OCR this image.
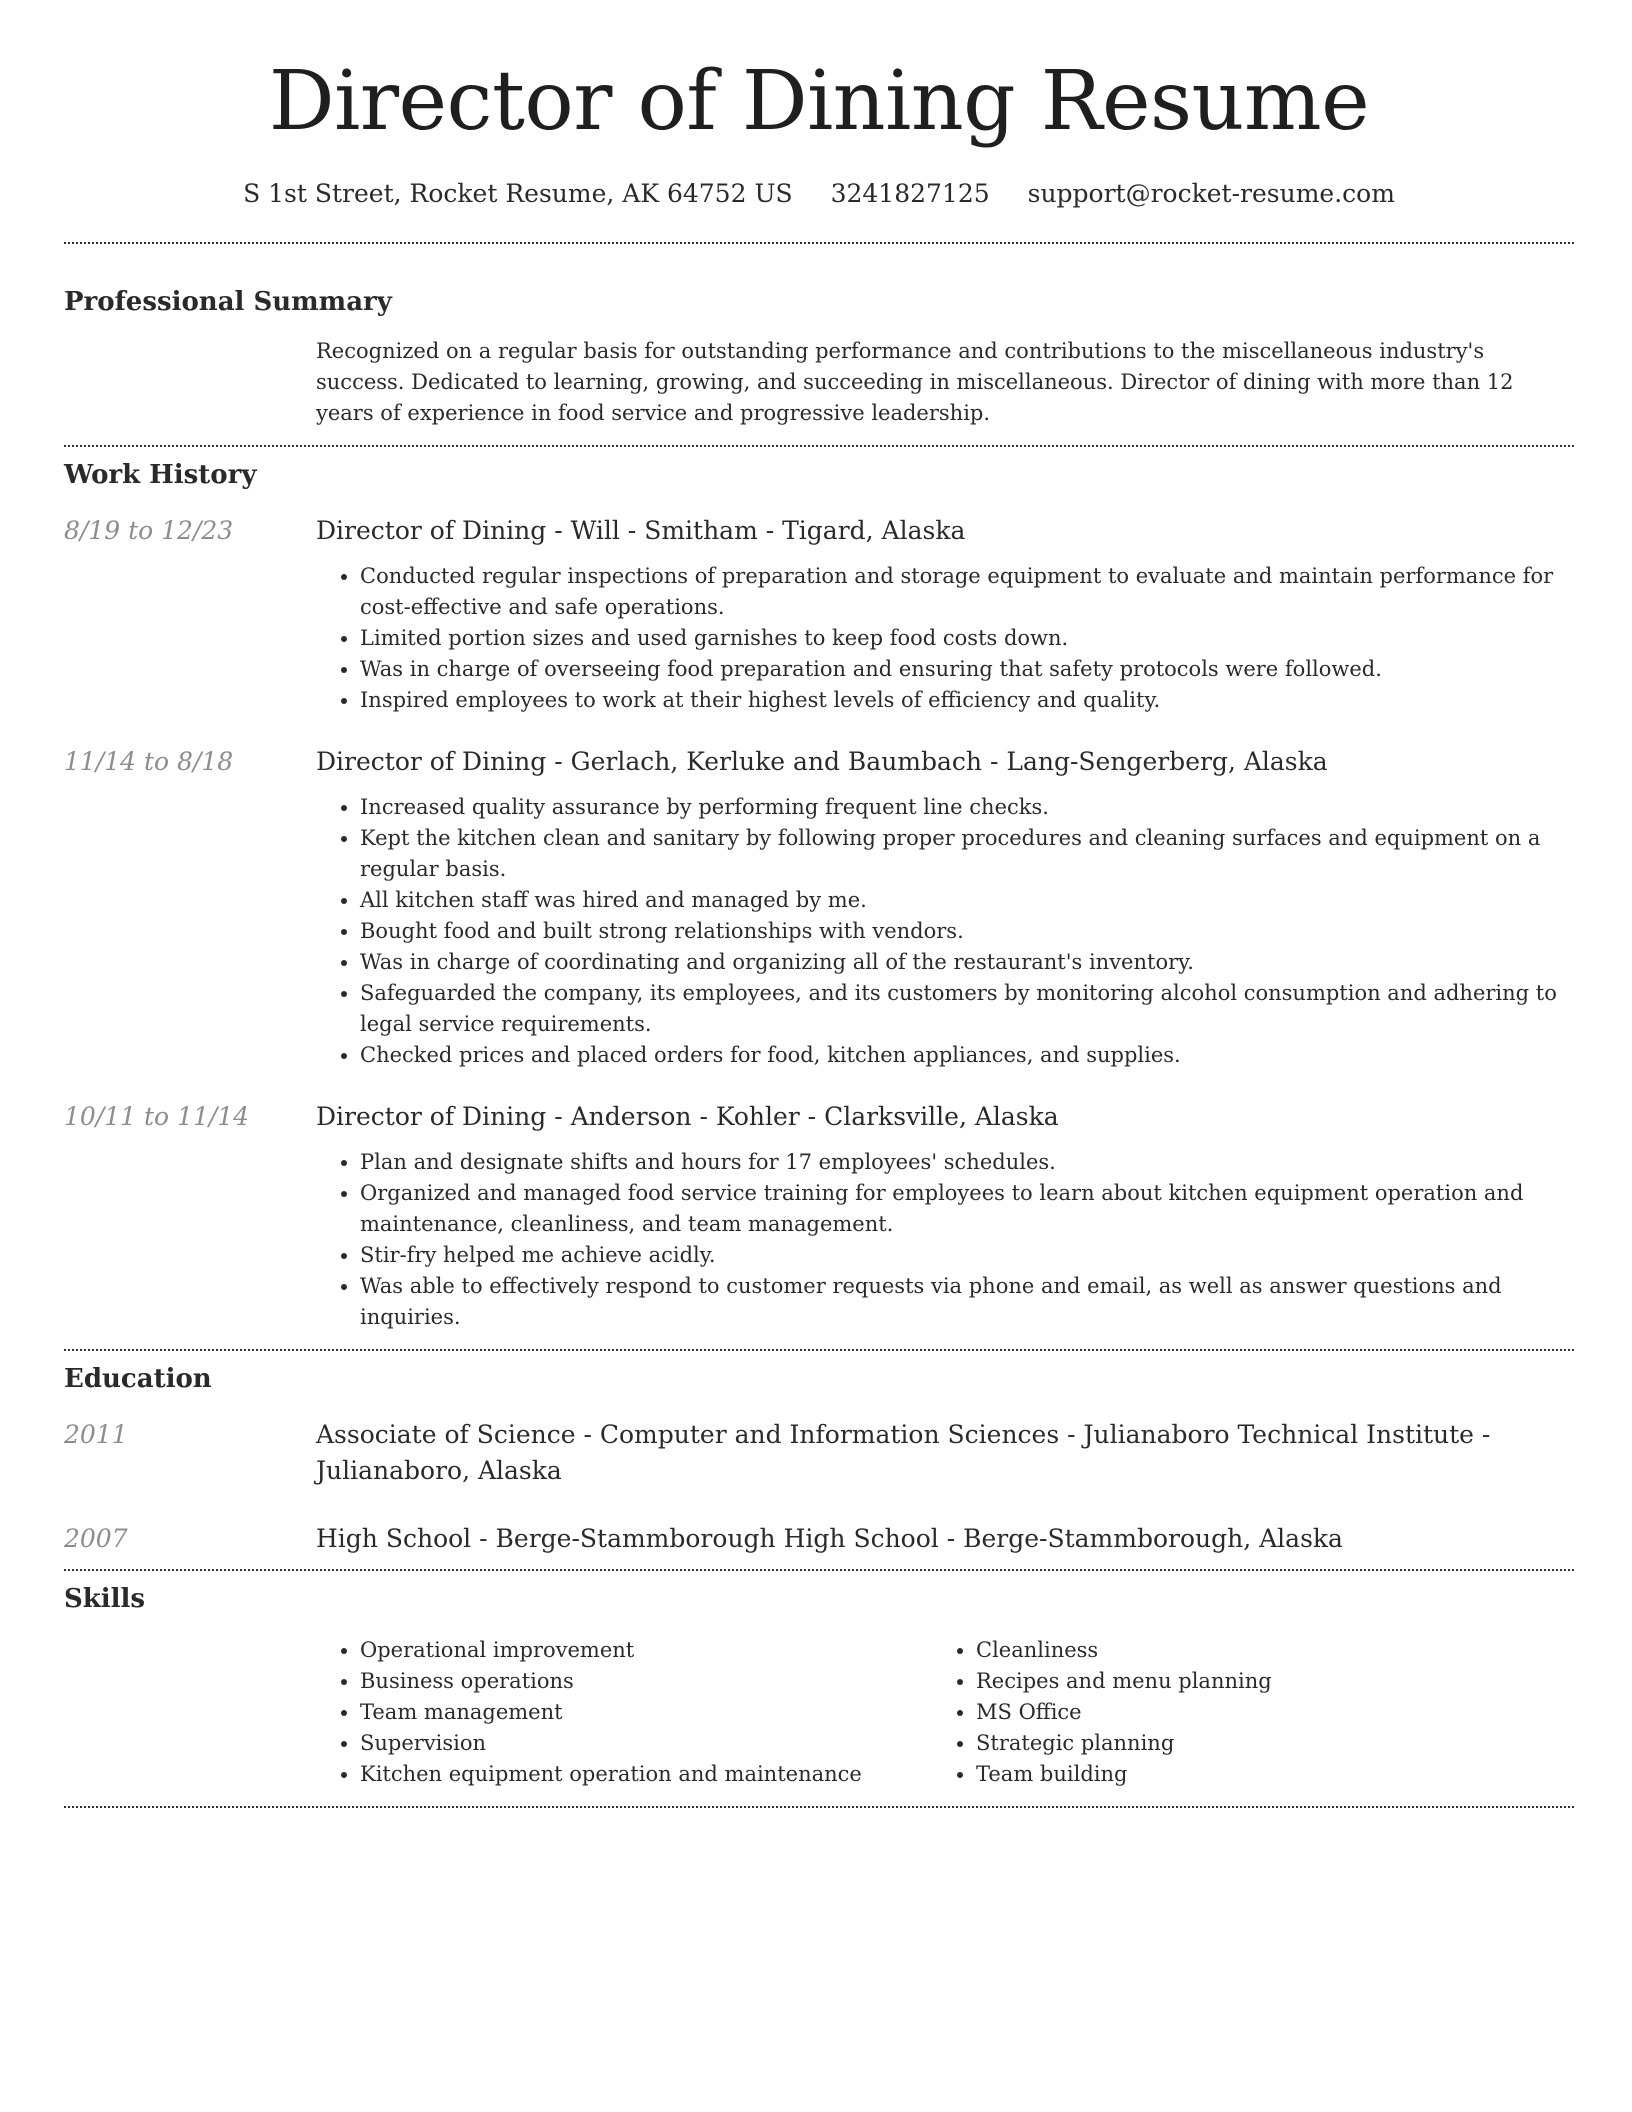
Director of Dining Resume
S 1st Street, Rocket Resume, AK 64752 US 3241827125 support@rocket-resume.com
Professional Summary
Recognized on a regular basis for outstanding performance and contributions to the miscellaneous industry's success. Dedicated to learning, growing, and succeeding in miscellaneous. Director of dining with more than 12 years of experience in food service and progressive leadership.
Work History
8/19 to 12/23	Director of Dining - Will - Smitham - Tigard, Alaska
• Conducted regular inspections of preparation and storage equipment to evaluate and maintain performance for cost-effective and safe operations.
• Limited portion sizes and used garnishes to keep food costs down.
• Was in charge of overseeing food preparation and ensuring that safety protocols were followed.
• Inspired employees to work at their highest levels of efficiency and quality.
11/14 to 8/18	Director of Dining - Gerlach, Kerluke and Baumbach - Lang-Sengerberg, Alaska
• Increased quality assurance by performing frequent line checks.
• Kept the kitchen clean and sanitary by following proper procedures and cleaning surfaces and equipment on a regular basis.
• All kitchen staff was hired and managed by me.
• Bought food and built strong relationships with vendors.
• Was in charge of coordinating and organizing all of the restaurant's inventory.
• Safeguarded the company, its employees, and its customers by monitoring alcohol consumption and adhering to legal service requirements.
• Checked prices and placed orders for food, kitchen appliances, and supplies.
10/11 to 11/14	Director of Dining - Anderson - Kohler - Clarksville, Alaska
• Plan and designate shifts and hours for 17 employees' schedules.
• Organized and managed food service training for employees to learn about kitchen equipment operation and maintenance, cleanliness, and team management.
• Stir-fry helped me achieve acidly.
• Was able to effectively respond to customer requests via phone and email, as well as answer questions and inquiries.
Education
2011	Associate of Science - Computer and Information Sciences - Julianaboro Technical Institute - Julianaboro, Alaska
2007	High School - Berge-Stammborough High School - Berge-Stammborough, Alaska
Skills
• Operational improvement
• Business operations
• Team management
• Supervision
• Kitchen equipment operation and maintenance
• Cleanliness
• Recipes and menu planning
• MS Office
• Strategic planning
• Team building
